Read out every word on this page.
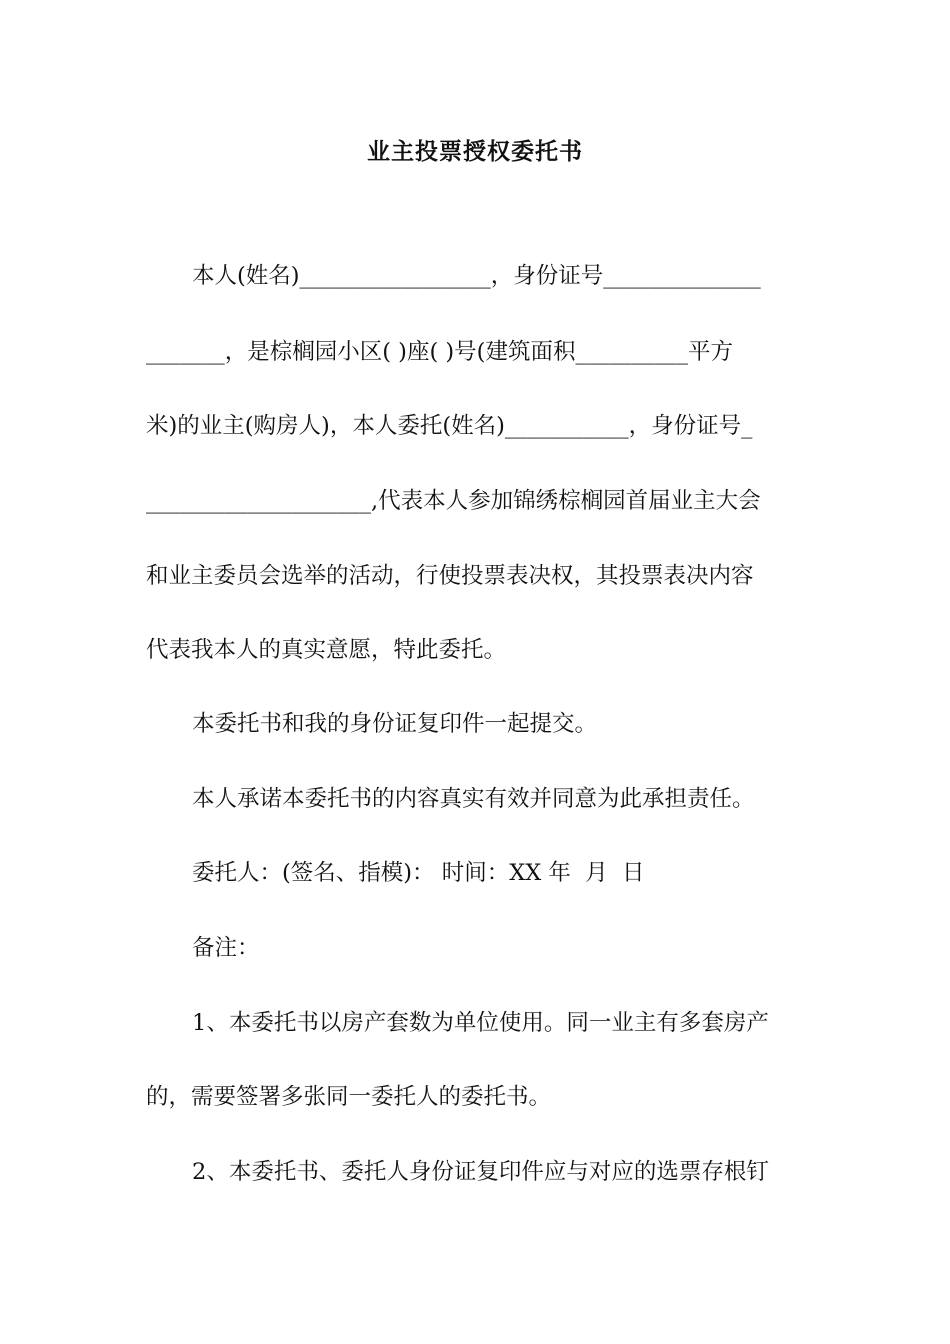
业主投票授权委托书
本人(姓名)_________________，身份证号______________
_______，是棕榈园小区( )座( )号(建筑面积__________平方
米)的业主(购房人)，本人委托(姓名)___________，身份证号_
____________________,代表本人参加锦绣棕榈园首届业主大会
和业主委员会选举的活动，行使投票表决权，其投票表决内容
代表我本人的真实意愿，特此委托。
本委托书和我的身份证复印件一起提交。
本人承诺本委托书的内容真实有效并同意为此承担责任。
委托人：(签名、指模)： 时间：XX 年  月  日
备注：
1、本委托书以房产套数为单位使用。同一业主有多套房产
的，需要签署多张同一委托人的委托书。
2、本委托书、委托人身份证复印件应与对应的选票存根钉
